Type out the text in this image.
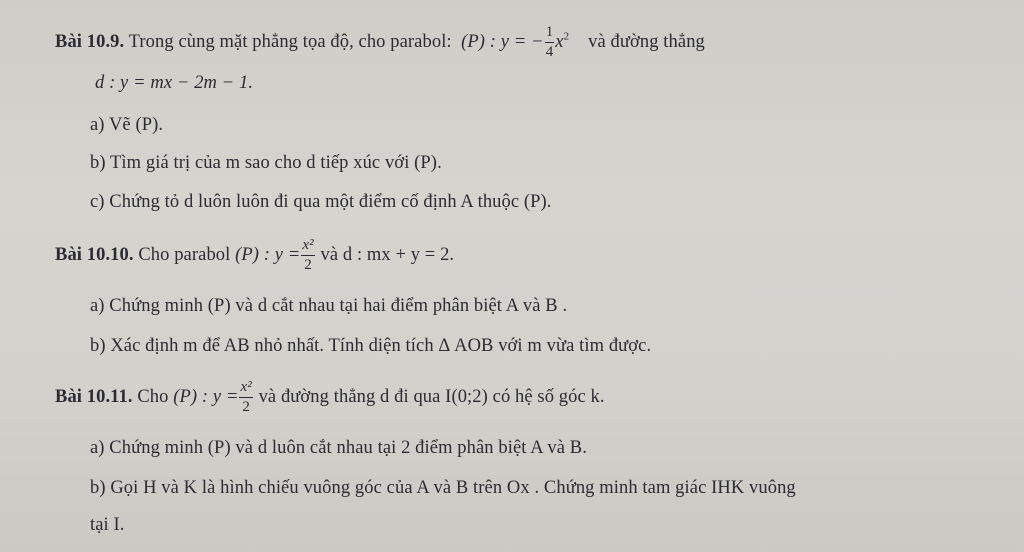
Bài 10.9. Trong cùng mặt phẳng tọa độ, cho parabol: (P) : y = − $\frac{1}{4} x^2$ và đường thẳng
d : y = mx − 2m − 1.
a) Vẽ (P).
b) Tìm giá trị của m sao cho d tiếp xúc với (P).
c) Chứng tỏ d luôn luôn đi qua một điểm cố định A thuộc (P).
Bài 10.10. Cho parabol (P) : $y = \frac{\text{x²}}{2}$ và d : mx + y = 2.
a) Chứng minh (P) và d cắt nhau tại hai điểm phân biệt A và B .
b) Xác định m để AB nhỏ nhất. Tính diện tích Δ AOB với m vừa tìm được.
Bài 10.11. Cho (P) : $y = \frac{\text{x²}}{2}$ và đường thẳng d đi qua I(0;2) có hệ số góc k.
a) Chứng minh (P) và d luôn cắt nhau tại 2 điểm phân biệt A và B.
b) Gọi H và K là hình chiếu vuông góc của A và B trên Ox . Chứng minh tam giác IHK vuông
tại I.
